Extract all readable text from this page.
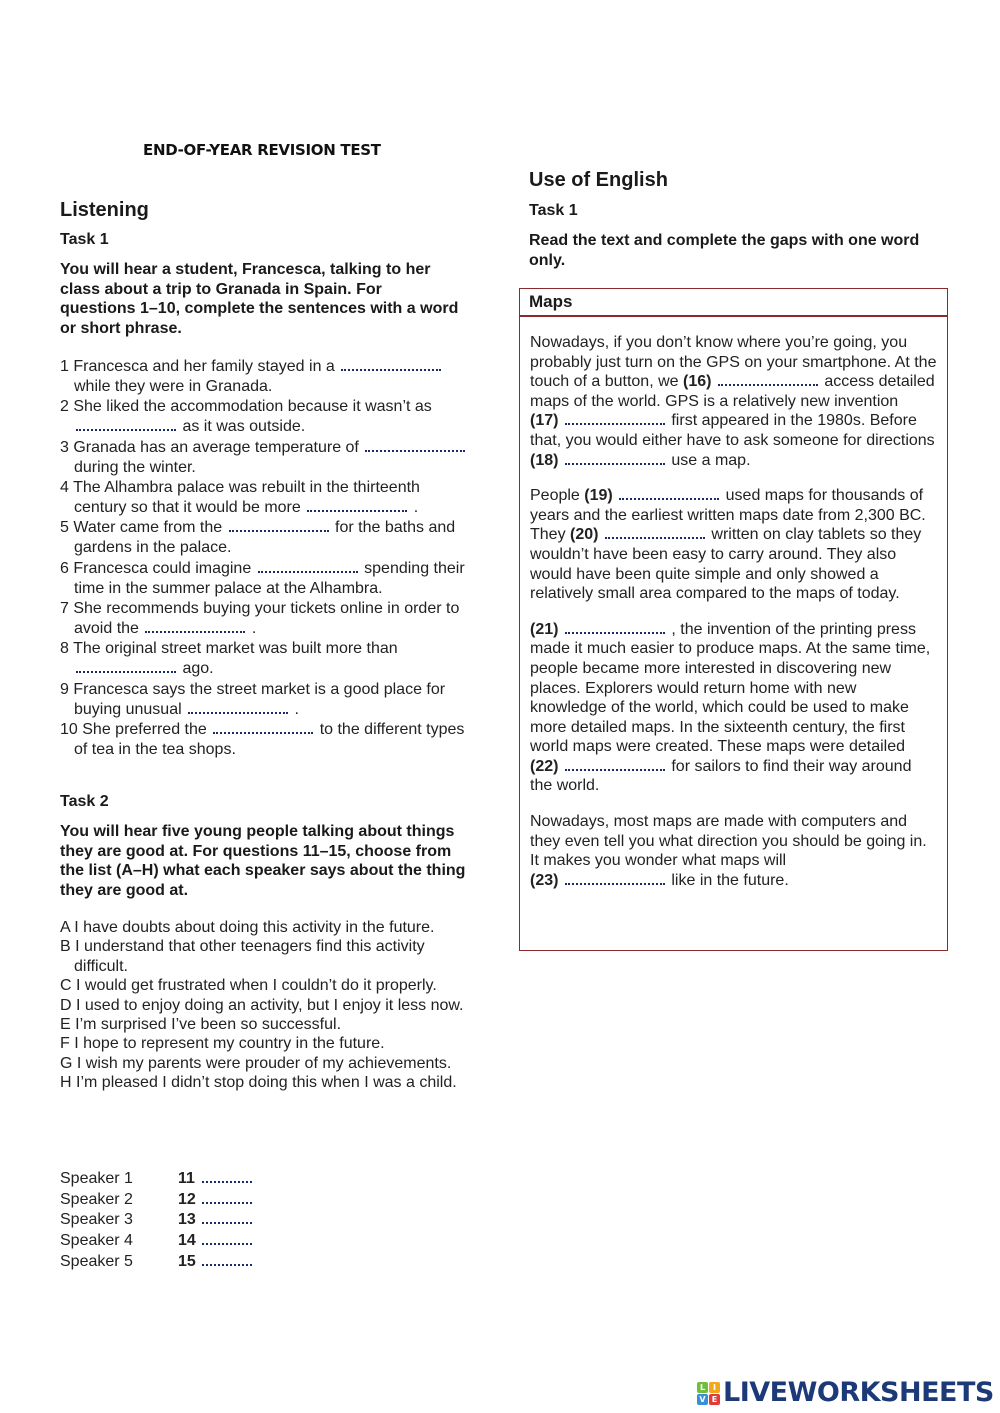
END-OF-YEAR REVISION TEST
Listening
Task 1
You will hear a student, Francesca, talking to her class about a trip to Granada in Spain. For questions 1–10, complete the sentences with a word or short phrase.
1 Francesca and her family stayed in a  while they were in Granada.
2 She liked the accommodation because it wasn’t as  as it was outside.
3 Granada has an average temperature of  during the winter.
4 The Alhambra palace was rebuilt in the thirteenth century so that it would be more	.
5 Water came from the	for the baths and gardens in the palace.
6 Francesca could imagine	spending their time in the summer palace at the Alhambra.
7 She recommends buying your tickets online in order to avoid the	.
8 The original street market was built more than  ago.
9 Francesca says the street market is a good place for buying unusual	.
10 She preferred the	to the different types of tea in the tea shops.
Task 2
You will hear five young people talking about things they are good at. For questions 11–15, choose from the list (A–H) what each speaker says about the thing they are good at.
A I have doubts about doing this activity in the future.
B I understand that other teenagers find this activity difficult.
C I would get frustrated when I couldn’t do it properly.
D I used to enjoy doing an activity, but I enjoy it less now.
E I’m surprised I’ve been so successful.
F I hope to represent my country in the future.
G I wish my parents were prouder of my achievements.
H I’m pleased I didn’t stop doing this when I was a child.
Speaker 1	11
Speaker 2	12
Speaker 3	13
Speaker 4	14
Speaker 5	15
Use of English
Task 1
Read the text and complete the gaps with one word only.
Maps

Nowadays, if you don’t know where you’re going, you probably just turn on the GPS on your smartphone. At the touch of a button, we (16)	access detailed maps of the world. GPS is a relatively new invention
(17)	first appeared in the 1980s. Before that, you would either have to ask someone for directions
(18)	use a map.

People (19)	used maps for thousands of years and the earliest written maps date from 2,300 BC. They (20)	written on clay tablets so they wouldn’t have been easy to carry around. They also would have been quite simple and only showed a relatively small area compared to the maps of today.

(21)	, the invention of the printing press made it much easier to produce maps. At the same time, people became more interested in discovering new places. Explorers would return home with new knowledge of the world, which could be used to make more detailed maps. In the sixteenth century, the first world maps were created. These maps were detailed
(22)	for sailors to find their way around the world.

Nowadays, most maps are made with computers and they even tell you what direction you should be going in. It makes you wonder what maps will
(23)	like in the future.

L I
V E LIVEWORKSHEETS
